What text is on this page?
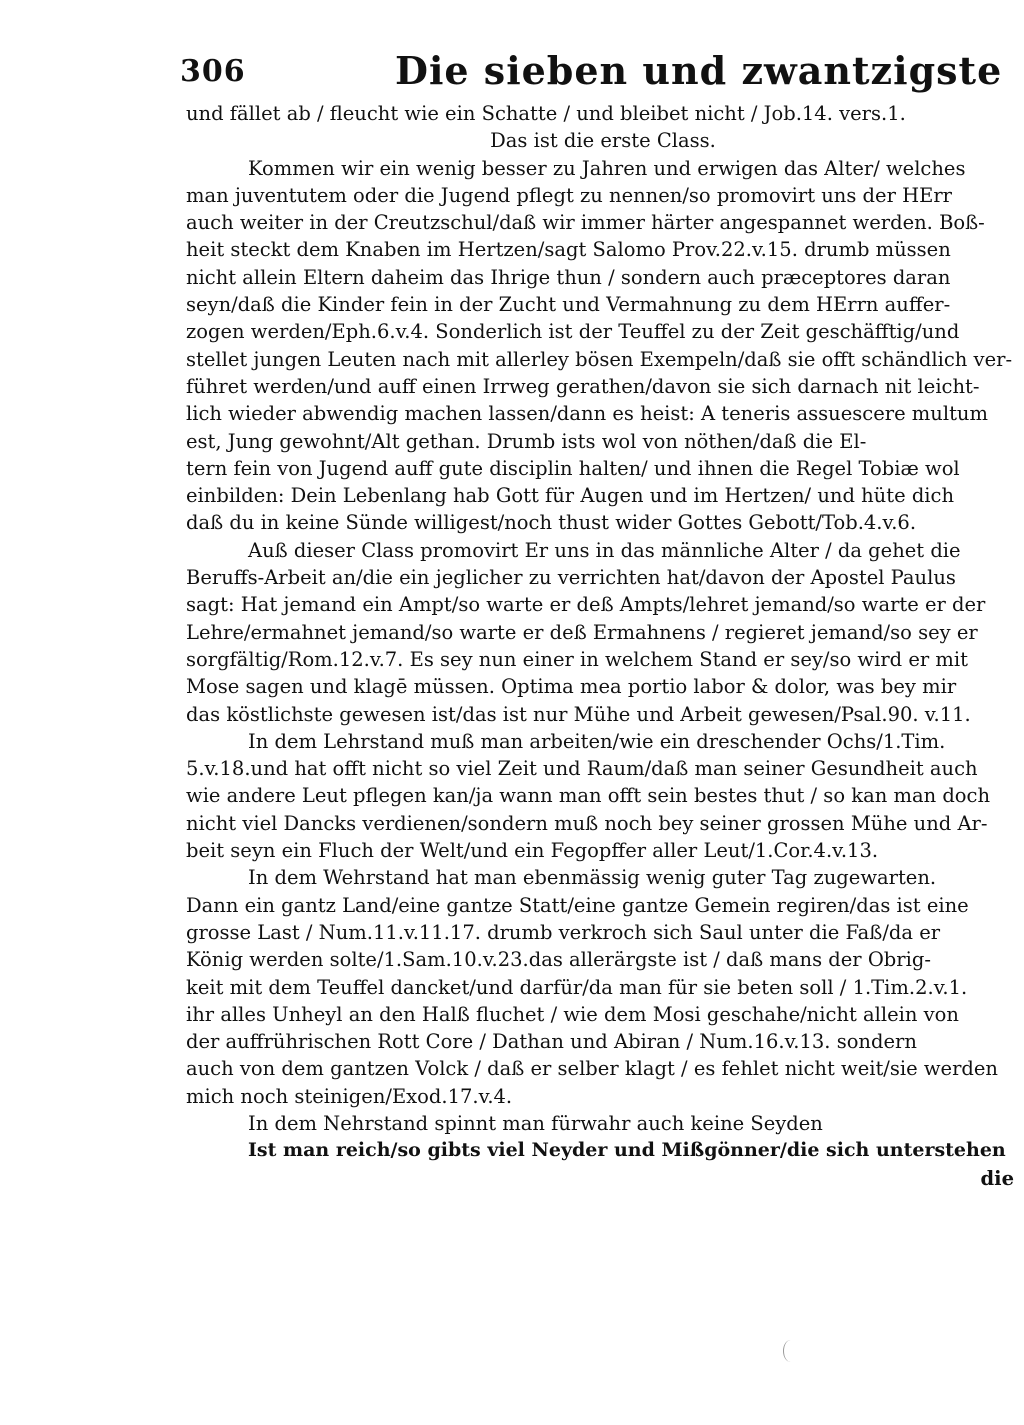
306	Die sieben und zwantzigste
und fället ab / fleucht wie ein Schatte / und bleibet nicht / Job.14. vers.1.
Das ist die erste Class.
Kommen wir ein wenig besser zu Jahren und erwigen das Alter/ welches
man juventutem oder die Jugend pflegt zu nennen/so promovirt uns der HErr
auch weiter in der Creutzschul/daß wir immer härter angespannet werden. Boß-
heit steckt dem Knaben im Hertzen/sagt Salomo Prov.22.v.15. drumb müssen
nicht allein Eltern daheim das Ihrige thun / sondern auch præceptores daran
seyn/daß die Kinder fein in der Zucht und Vermahnung zu dem HErrn auffer-
zogen werden/Eph.6.v.4. Sonderlich ist der Teuffel zu der Zeit geschäfftig/und
stellet jungen Leuten nach mit allerley bösen Exempeln/daß sie offt schändlich ver-
führet werden/und auff einen Irrweg gerathen/davon sie sich darnach nit leicht-
lich wieder abwendig machen lassen/dann es heist: A teneris assuescere multum
est, Jung gewohnt/Alt gethan. Drumb ists wol von nöthen/daß die El-
tern fein von Jugend auff gute disciplin halten/ und ihnen die Regel Tobiæ wol
einbilden: Dein Lebenlang hab Gott für Augen und im Hertzen/ und hüte dich
daß du in keine Sünde willigest/noch thust wider Gottes Gebott/Tob.4.v.6.
Auß dieser Class promovirt Er uns in das männliche Alter / da gehet die
Beruffs-Arbeit an/die ein jeglicher zu verrichten hat/davon der Apostel Paulus
sagt: Hat jemand ein Ampt/so warte er deß Ampts/lehret jemand/so warte er der
Lehre/ermahnet jemand/so warte er deß Ermahnens / regieret jemand/so sey er
sorgfältig/Rom.12.v.7. Es sey nun einer in welchem Stand er sey/so wird er mit
Mose sagen und klagē müssen. Optima mea portio labor & dolor, was bey mir
das köstlichste gewesen ist/das ist nur Mühe und Arbeit gewesen/Psal.90. v.11.
In dem Lehrstand muß man arbeiten/wie ein dreschender Ochs/1.Tim.
5.v.18.und hat offt nicht so viel Zeit und Raum/daß man seiner Gesundheit auch
wie andere Leut pflegen kan/ja wann man offt sein bestes thut / so kan man doch
nicht viel Dancks verdienen/sondern muß noch bey seiner grossen Mühe und Ar-
beit seyn ein Fluch der Welt/und ein Fegopffer aller Leut/1.Cor.4.v.13.
In dem Wehrstand hat man ebenmässig wenig guter Tag zugewarten.
Dann ein gantz Land/eine gantze Statt/eine gantze Gemein regiren/das ist eine
grosse Last / Num.11.v.11.17. drumb verkroch sich Saul unter die Faß/da er
König werden solte/1.Sam.10.v.23.das allerärgste ist / daß mans der Obrig-
keit mit dem Teuffel dancket/und darfür/da man für sie beten soll / 1.Tim.2.v.1.
ihr alles Unheyl an den Halß fluchet / wie dem Mosi geschahe/nicht allein von
der auffrührischen Rott Core / Dathan und Abiran / Num.16.v.13. sondern
auch von dem gantzen Volck / daß er selber klagt / es fehlet nicht weit/sie werden
mich noch steinigen/Exod.17.v.4.
In dem Nehrstand spinnt man fürwahr auch keine Seyden
Ist man reich/so gibts viel Neyder und Mißgönner/die sich unterstehen
die
